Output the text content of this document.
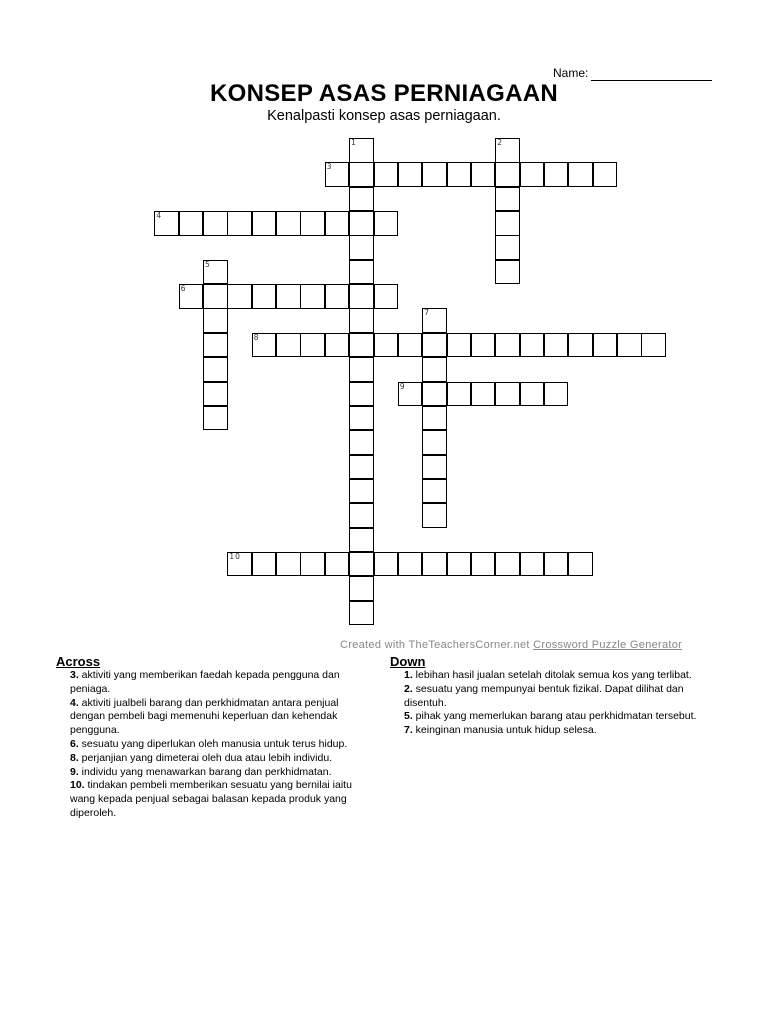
Name:
KONSEP ASAS PERNIAGAAN
Kenalpasti konsep asas perniagaan.
1	2
3
4
5
6
7
8
9
10
Created with TheTeachersCorner.net Crossword Puzzle Generator
Across

3. aktiviti yang memberikan faedah kepada pengguna dan peniaga.

4. aktiviti jualbeli barang dan perkhidmatan antara penjual dengan pembeli bagi memenuhi keperluan dan kehendak pengguna.

6. sesuatu yang diperlukan oleh manusia untuk terus hidup.

8. perjanjian yang dimeterai oleh dua atau lebih individu.

9. individu yang menawarkan barang dan perkhidmatan.

10. tindakan pembeli memberikan sesuatu yang bernilai iaitu wang kepada penjual sebagai balasan kepada produk yang diperoleh.

Down

1. lebihan hasil jualan setelah ditolak semua kos yang terlibat.

2. sesuatu yang mempunyai bentuk fizikal. Dapat dilihat dan disentuh.

5. pihak yang memerlukan barang atau perkhidmatan tersebut.

7. keinginan manusia untuk hidup selesa.
